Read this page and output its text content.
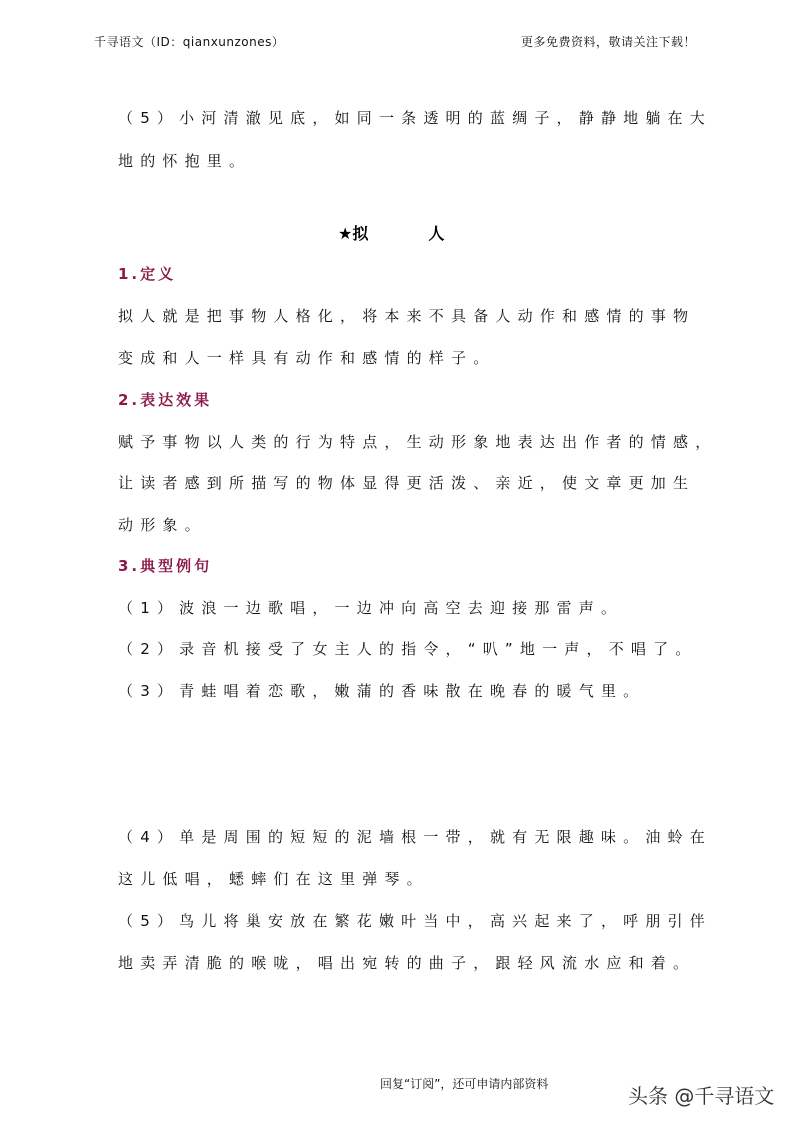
千寻语文（ID：qianxunzones）	更多免费资料，敬请关注下载！
（5）小河清澈见底，如同一条透明的蓝绸子，静静地躺在大
地的怀抱里。
★拟	人
1.定义
拟人就是把事物人格化，将本来不具备人动作和感情的事物
变成和人一样具有动作和感情的样子。
2.表达效果
赋予事物以人类的行为特点，生动形象地表达出作者的情感，
让读者感到所描写的物体显得更活泼、亲近，使文章更加生
动形象。
3.典型例句
（1）波浪一边歌唱，一边冲向高空去迎接那雷声。
（2）录音机接受了女主人的指令，“叭”地一声，不唱了。
（3）青蛙唱着恋歌，嫩蒲的香味散在晚春的暖气里。
（4）单是周围的短短的泥墙根一带，就有无限趣味。油蛉在
这儿低唱，蟋蟀们在这里弹琴。
（5）鸟儿将巢安放在繁花嫩叶当中，高兴起来了，呼朋引伴
地卖弄清脆的喉咙，唱出宛转的曲子，跟轻风流水应和着。
回复“订阅”，还可申请内部资料	头条 @千寻语文
